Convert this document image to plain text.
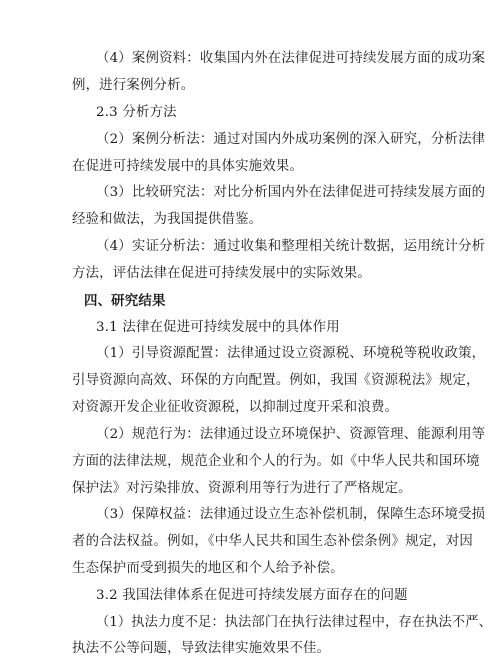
（4）案例资料：收集国内外在法律促进可持续发展方面的成功案
例，进行案例分析。
2.3 分析方法
（2）案例分析法：通过对国内外成功案例的深入研究，分析法律
在促进可持续发展中的具体实施效果。
（3）比较研究法：对比分析国内外在法律促进可持续发展方面的
经验和做法，为我国提供借鉴。
（4）实证分析法：通过收集和整理相关统计数据，运用统计分析
方法，评估法律在促进可持续发展中的实际效果。
四、研究结果
3.1 法律在促进可持续发展中的具体作用
（1）引导资源配置：法律通过设立资源税、环境税等税收政策，
引导资源向高效、环保的方向配置。例如，我国《资源税法》规定，
对资源开发企业征收资源税，以抑制过度开采和浪费。
（2）规范行为：法律通过设立环境保护、资源管理、能源利用等
方面的法律法规，规范企业和个人的行为。如《中华人民共和国环境
保护法》对污染排放、资源利用等行为进行了严格规定。
（3）保障权益：法律通过设立生态补偿机制，保障生态环境受损
者的合法权益。例如，《中华人民共和国生态补偿条例》规定，对因
生态保护而受到损失的地区和个人给予补偿。
3.2 我国法律体系在促进可持续发展方面存在的问题
（1）执法力度不足：执法部门在执行法律过程中，存在执法不严、
执法不公等问题，导致法律实施效果不佳。
